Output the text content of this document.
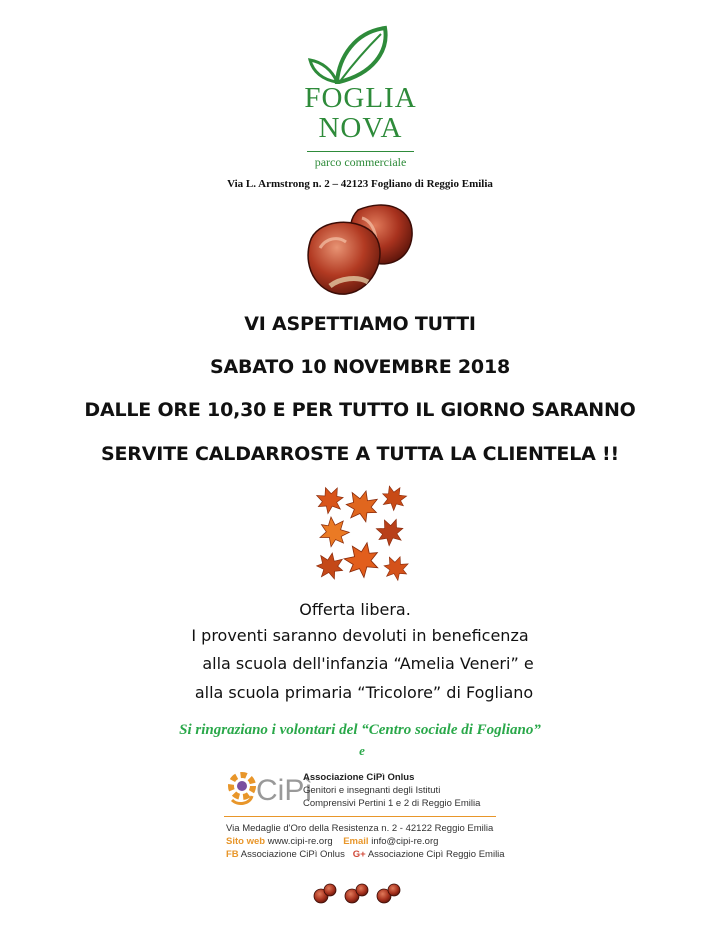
FOGLIA
NOVA
parco commerciale
Via L. Armstrong n. 2 – 42123 Fogliano di Reggio Emilia
VI ASPETTIAMO TUTTI
SABATO 10 NOVEMBRE 2018
DALLE ORE 10,30 E PER TUTTO IL GIORNO SARANNO
SERVITE CALDARROSTE A TUTTA LA CLIENTELA !!
Offerta libera.
I proventi saranno devoluti in beneficenza
alla scuola dell'infanzia “Amelia Veneri” e
alla scuola primaria “Tricolore” di Fogliano
Si ringraziano i volontari del “Centro sociale di Fogliano”
e
CiPì
Associazione CiPì Onlus
Genitori e insegnanti degli Istituti
Comprensivi Pertini 1 e 2 di Reggio Emilia
Via Medaglie d'Oro della Resistenza n. 2 - 42122 Reggio Emilia
Sito web www.cipi-re.org Email info@cipi-re.org
FB Associazione CiPì Onlus G+ Associazione Cipì Reggio Emilia
